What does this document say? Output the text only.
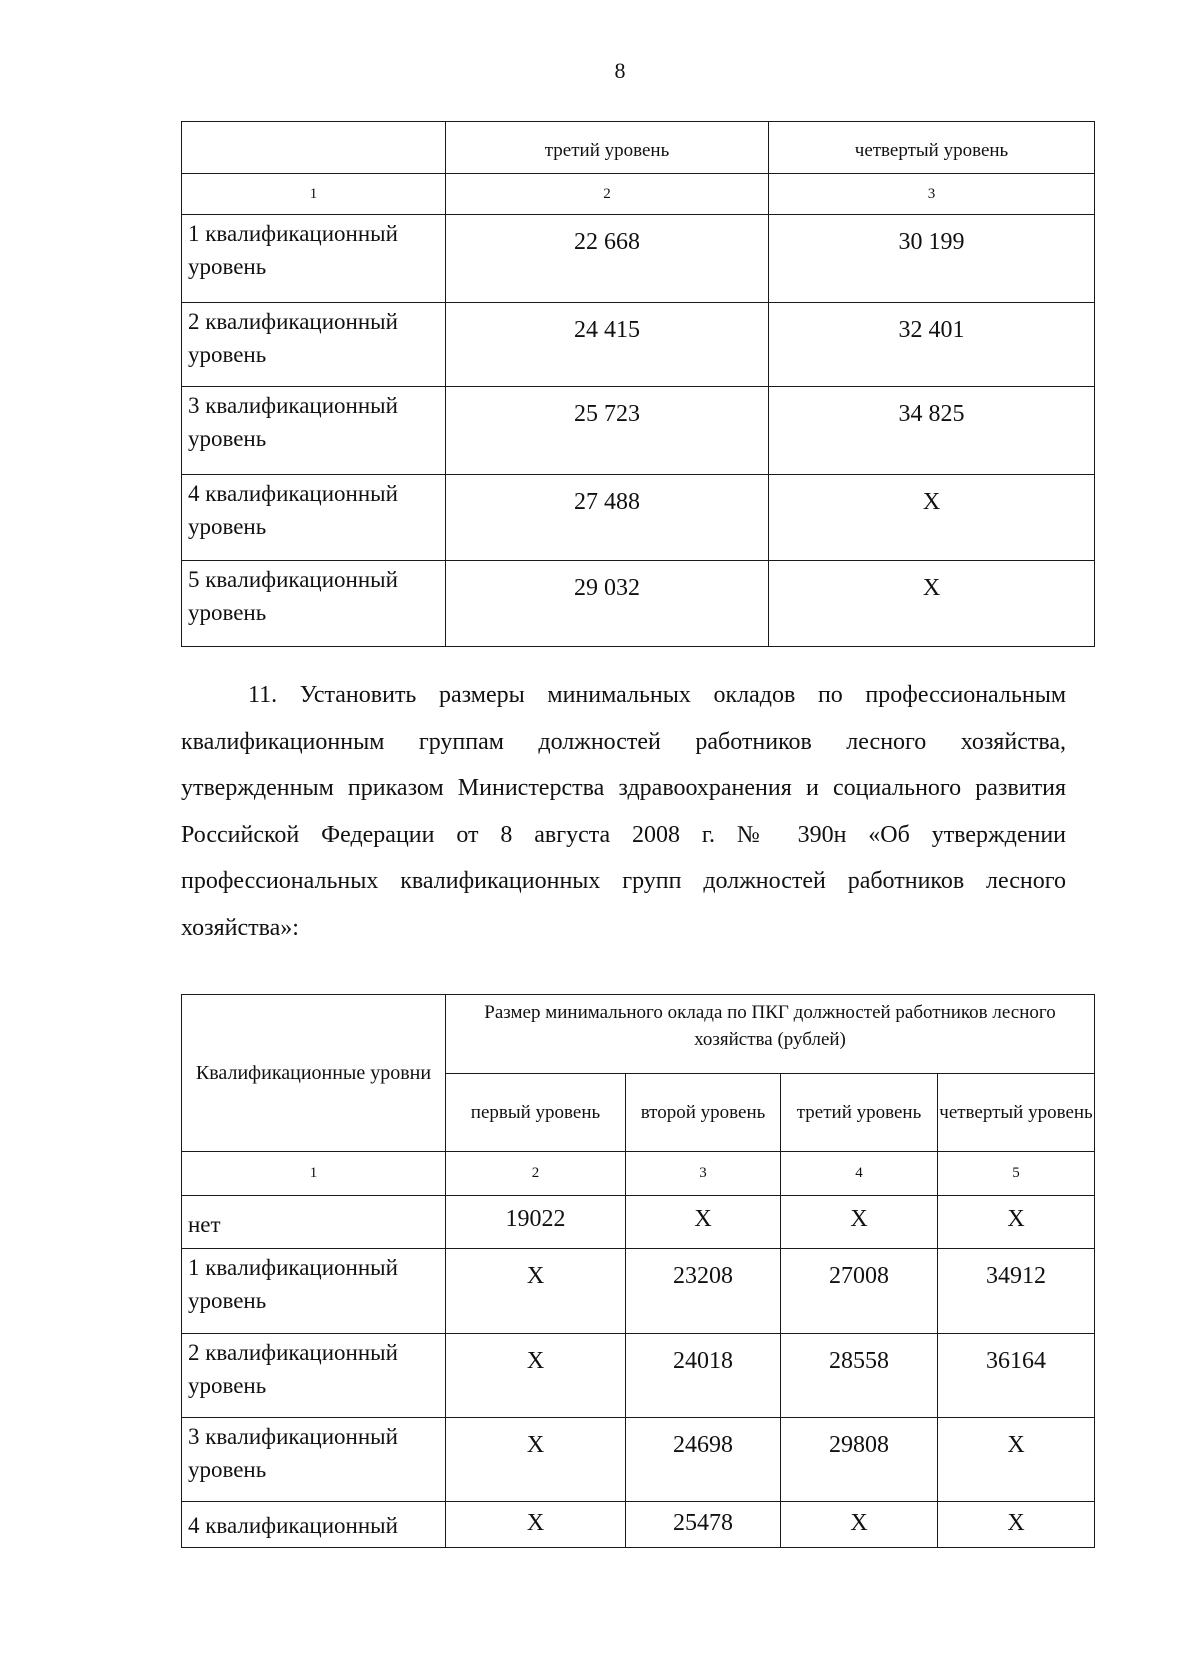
8
	третий уровень	четвертый уровень
1	2	3
1 квалификационный уровень	22 668	30 199
2 квалификационный уровень	24 415	32 401
3 квалификационный уровень	25 723	34 825
4 квалификационный уровень	27 488	X
5 квалификационный уровень	29 032	X

11. Установить размеры минимальных окладов по профессиональным квалификационным группам должностей работников лесного хозяйства, утвержденным приказом Министерства здравоохранения и социального развития Российской Федерации от 8 августа 2008 г. № 390н «Об утверждении профессиональных квалификационных групп должностей работников лесного хозяйства»:

Квалификационные уровни	Размер минимального оклада по ПКГ должностей работников лесного хозяйства (рублей)			
	первый уровень	второй уровень	третий уровень	четвертый уровень
1	2	3	4	5
нет	19022	X	X	X
1 квалификационный уровень	X	23208	27008	34912
2 квалификационный уровень	X	24018	28558	36164
3 квалификационный уровень	X	24698	29808	X
4 квалификационный	X	25478	X	X
